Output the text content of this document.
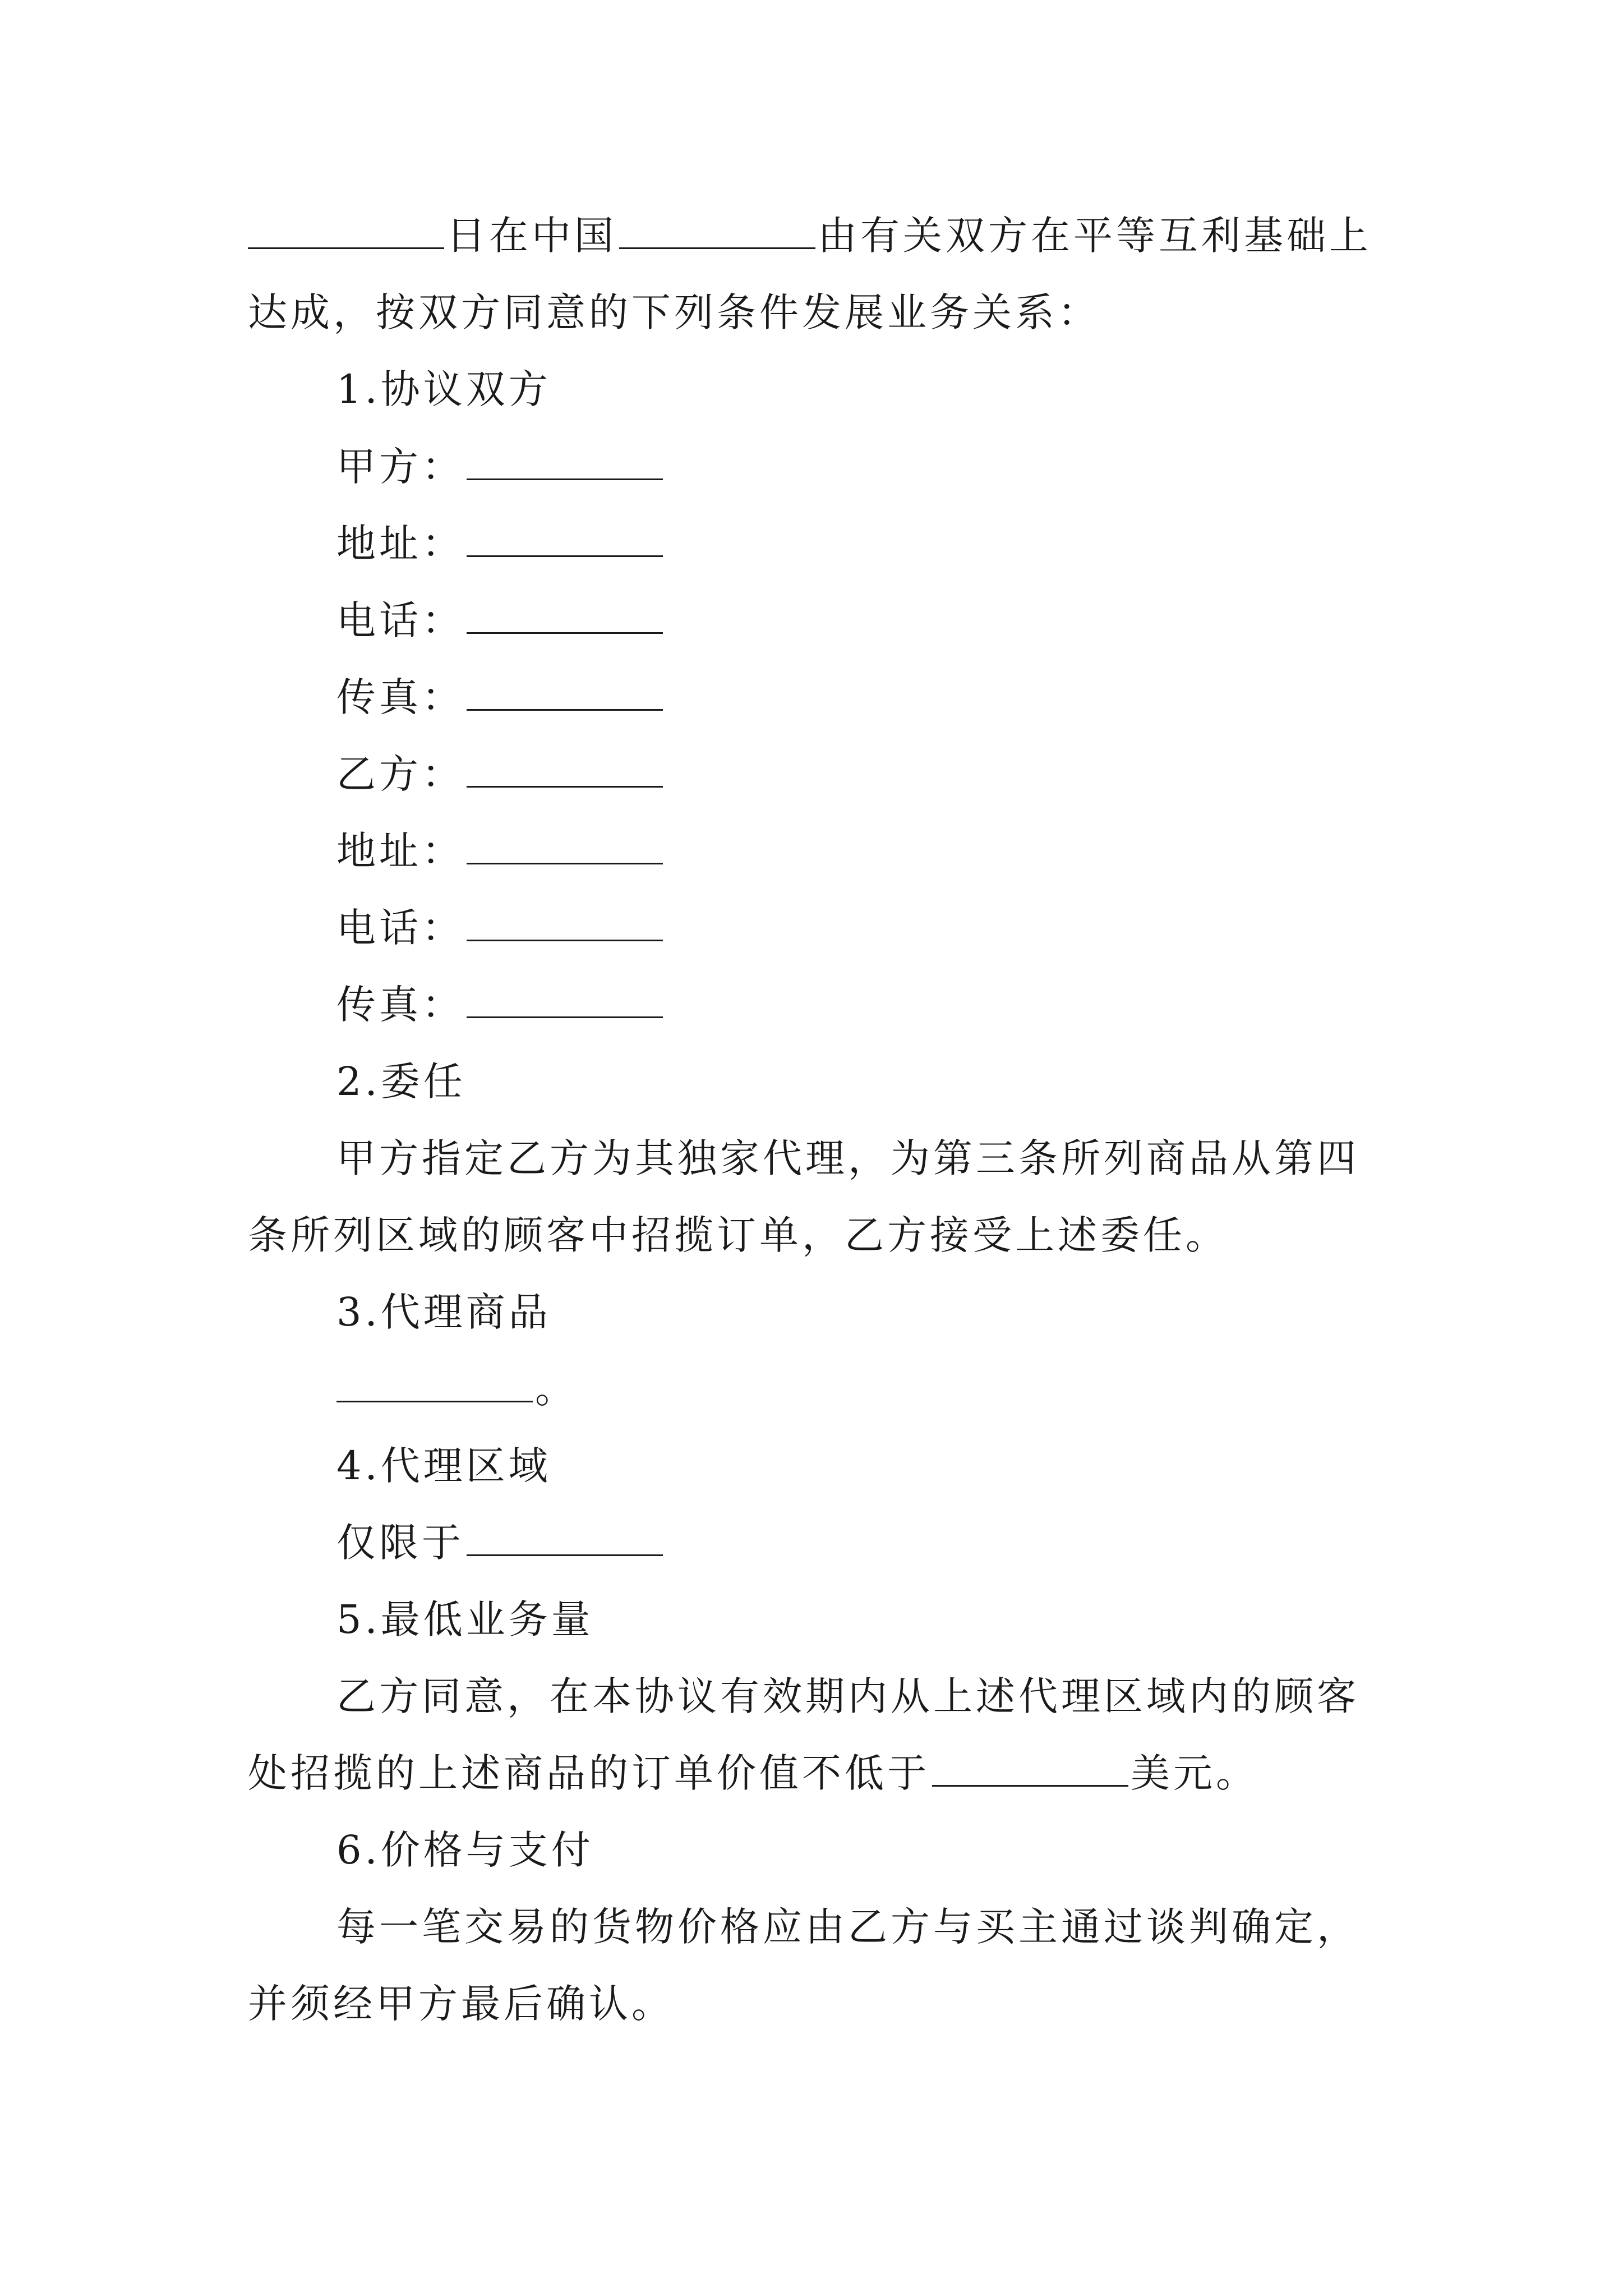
日在中国	由有关双方在平等互利基础上
达成，按双方同意的下列条件发展业务关系：
1.协议双方
甲方：
地址：
电话：
传真：
乙方：
地址：
电话：
传真：
2.委任
甲方指定乙方为其独家代理，为第三条所列商品从第四
条所列区域的顾客中招揽订单，乙方接受上述委任。
3.代理商品
。
4.代理区域
仅限于
5.最低业务量
乙方同意，在本协议有效期内从上述代理区域内的顾客
处招揽的上述商品的订单价值不低于	美元。
6.价格与支付
每一笔交易的货物价格应由乙方与买主通过谈判确定，
并须经甲方最后确认。
